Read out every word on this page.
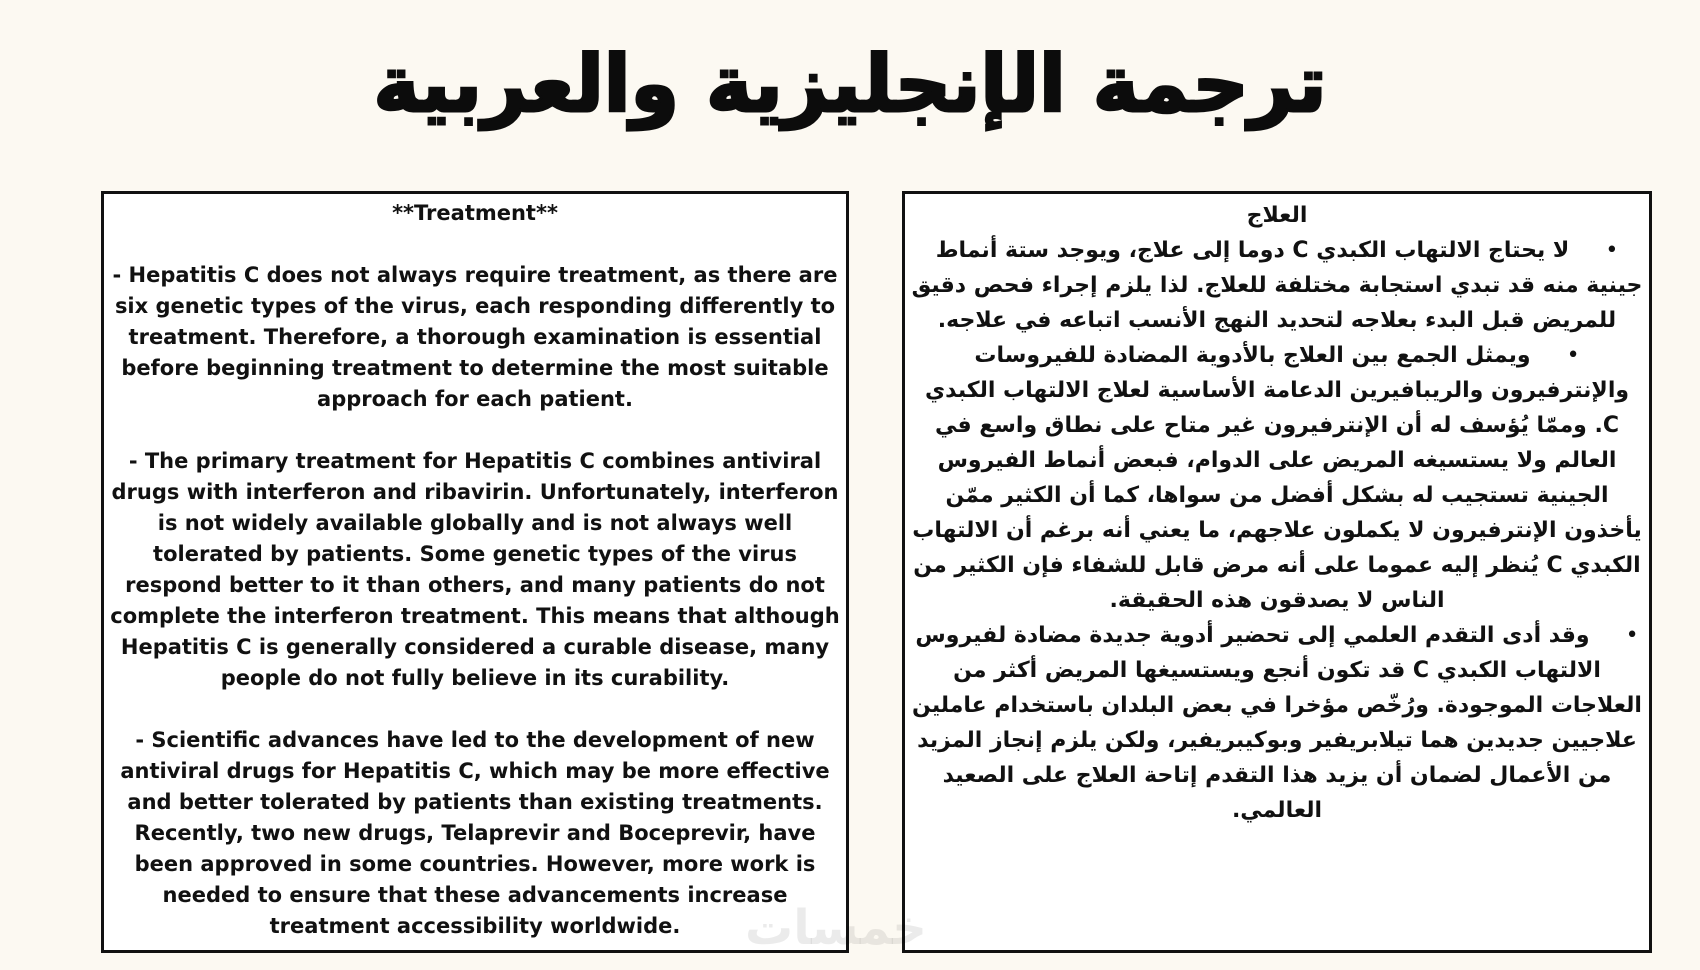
ترجمة الإنجليزية والعربية
**Treatment**

- Hepatitis C does not always require treatment, as there are six genetic types of the virus, each responding differently to treatment. Therefore, a thorough examination is essential before beginning treatment to determine the most suitable approach for each patient.

- The primary treatment for Hepatitis C combines antiviral drugs with interferon and ribavirin. Unfortunately, interferon is not widely available globally and is not always well tolerated by patients. Some genetic types of the virus respond better to it than others, and many patients do not complete the interferon treatment. This means that although Hepatitis C is generally considered a curable disease, many people do not fully believe in its curability.

- Scientific advances have led to the development of new antiviral drugs for Hepatitis C, which may be more effective and better tolerated by patients than existing treatments. Recently, two new drugs, Telaprevir and Boceprevir, have been approved in some countries. However, more work is needed to ensure that these advancements increase treatment accessibility worldwide.

العلاج

•لا يحتاج الالتهاب الكبدي C دوما إلى علاج، ويوجد ستة أنماط جينية منه قد تبدي استجابة مختلفة للعلاج. لذا يلزم إجراء فحص دقيق للمريض قبل البدء بعلاجه لتحديد النهج الأنسب اتباعه في علاجه.

•ويمثل الجمع بين العلاج بالأدوية المضادة للفيروسات والإنترفيرون والريبافيرين الدعامة الأساسية لعلاج الالتهاب الكبدي C. وممّا يُؤسف له أن الإنترفيرون غير متاح على نطاق واسع في العالم ولا يستسيغه المريض على الدوام، فبعض أنماط الفيروس الجينية تستجيب له بشكل أفضل من سواها، كما أن الكثير ممّن يأخذون الإنترفيرون لا يكملون علاجهم، ما يعني أنه برغم أن الالتهاب الكبدي C يُنظر إليه عموما على أنه مرض قابل للشفاء فإن الكثير من الناس لا يصدقون هذه الحقيقة.

•وقد أدى التقدم العلمي إلى تحضير أدوية جديدة مضادة لفيروس الالتهاب الكبدي C قد تكون أنجع ويستسيغها المريض أكثر من العلاجات الموجودة. ورُخّص مؤخرا في بعض البلدان باستخدام عاملين علاجيين جديدين هما تيلابريفير وبوكيبريفير، ولكن يلزم إنجاز المزيد من الأعمال لضمان أن يزيد هذا التقدم إتاحة العلاج على الصعيد العالمي.

خمسات
